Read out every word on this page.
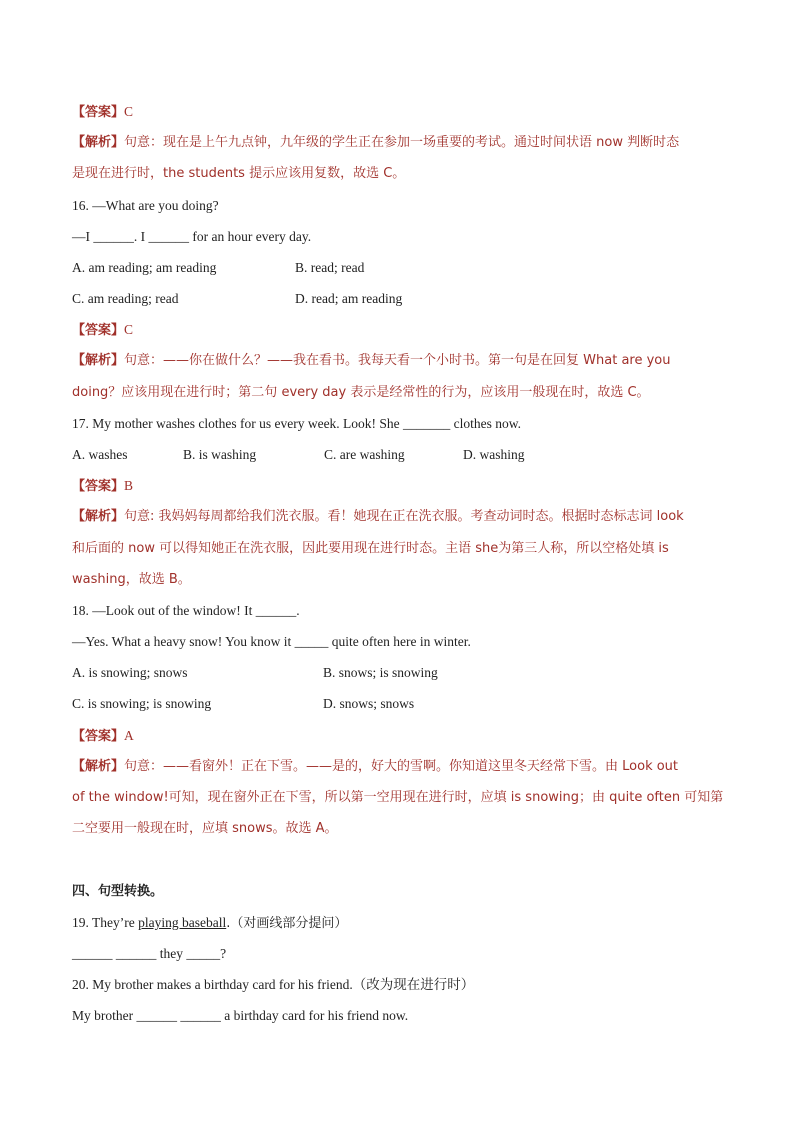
【答案】C
【解析】句意：现在是上午九点钟，九年级的学生正在参加一场重要的考试。通过时间状语 now 判断时态
是现在进行时，the students 提示应该用复数，故选 C。
16. —What are you doing?
—I ______. I ______ for an hour every day.
A. am reading; am reading	B. read; read
C. am reading; read	D. read; am reading
【答案】C
【解析】句意：——你在做什么？——我在看书。我每天看一个小时书。第一句是在回复 What are you
doing？应该用现在进行时；第二句 every day 表示是经常性的行为，应该用一般现在时，故选 C。
17. My mother washes clothes for us every week. Look! She _______ clothes now.
A. washes	B. is washing	C. are washing	D. washing
【答案】B
【解析】句意: 我妈妈每周都给我们洗衣服。看！她现在正在洗衣服。考查动词时态。根据时态标志词 look
和后面的 now 可以得知她正在洗衣服，因此要用现在进行时态。主语 she为第三人称，所以空格处填 is
washing，故选 B。
18. —Look out of the window! It ______.
—Yes. What a heavy snow! You know it _____ quite often here in winter.
A. is snowing; snows	B. snows; is snowing
C. is snowing; is snowing	D. snows; snows
【答案】A
【解析】句意：——看窗外！正在下雪。——是的，好大的雪啊。你知道这里冬天经常下雪。由 Look out
of the window!可知，现在窗外正在下雪，所以第一空用现在进行时，应填 is snowing；由 quite often 可知第
二空要用一般现在时，应填 snows。故选 A。
四、句型转换。
19. They’re playing baseball.（对画线部分提问）
______ ______ they _____?
20. My brother makes a birthday card for his friend.（改为现在进行时）
My brother ______ ______ a birthday card for his friend now.
